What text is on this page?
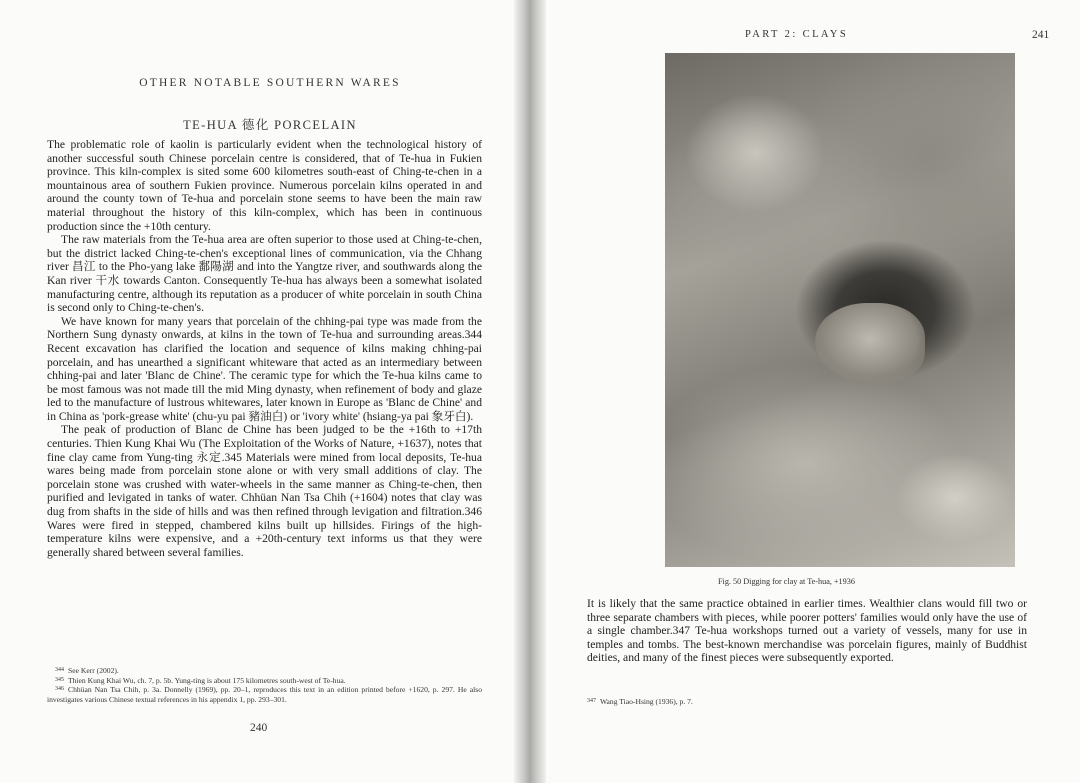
OTHER NOTABLE SOUTHERN WARES
TE-HUA 德化 PORCELAIN

The problematic role of kaolin is particularly evident when the technological history of another successful south Chinese porcelain centre is considered, that of Te-hua in Fukien province. This kiln-complex is sited some 600 kilometres south-east of Ching-te-chen in a mountainous area of southern Fukien province. Numerous porcelain kilns operated in and around the county town of Te-hua and porcelain stone seems to have been the main raw material throughout the history of this kiln-complex, which has been in continuous production since the +10th century.

The raw materials from the Te-hua area are often superior to those used at Ching-te-chen, but the district lacked Ching-te-chen's exceptional lines of communication, via the Chhang river 昌江 to the Pho-yang lake 鄱陽湖 and into the Yangtze river, and southwards along the Kan river 干水 towards Canton. Consequently Te-hua has always been a somewhat isolated manufacturing centre, although its reputation as a producer of white porcelain in south China is second only to Ching-te-chen's.

We have known for many years that porcelain of the chhing-pai type was made from the Northern Sung dynasty onwards, at kilns in the town of Te-hua and surrounding areas.344 Recent excavation has clarified the location and sequence of kilns making chhing-pai porcelain, and has unearthed a significant whiteware that acted as an intermediary between chhing-pai and later 'Blanc de Chine'. The ceramic type for which the Te-hua kilns came to be most famous was not made till the mid Ming dynasty, when refinement of body and glaze led to the manufacture of lustrous whitewares, later known in Europe as 'Blanc de Chine' and in China as 'pork-grease white' (chu-yu pai 豬油白) or 'ivory white' (hsiang-ya pai 象牙白).

The peak of production of Blanc de Chine has been judged to be the +16th to +17th centuries. Thien Kung Khai Wu (The Exploitation of the Works of Nature, +1637), notes that fine clay came from Yung-ting 永定.345 Materials were mined from local deposits, Te-hua wares being made from porcelain stone alone or with very small additions of clay. The porcelain stone was crushed with water-wheels in the same manner as Ching-te-chen, then purified and levigated in tanks of water. Chhüan Nan Tsa Chih (+1604) notes that clay was dug from shafts in the side of hills and was then refined through levigation and filtration.346 Wares were fired in stepped, chambered kilns built up hillsides. Firings of the high-temperature kilns were expensive, and a +20th-century text informs us that they were generally shared between several families.

$^{344}$ See Kerr (2002).

$^{345}$ Thien Kung Khai Wu, ch. 7, p. 5b. Yung-ting is about 175 kilometres south-west of Te-hua.

$^{346}$ Chhüan Nan Tsa Chih, p. 3a. Donnelly (1969), pp. 20–1, reproduces this text in an edition printed before +1620, p. 297. He also investigates various Chinese textual references in his appendix 1, pp. 293–301.

240
PART 2: CLAYS	241
Fig. 50 Digging for clay at Te-hua, +1936

It is likely that the same practice obtained in earlier times. Wealthier clans would fill two or three separate chambers with pieces, while poorer potters' families would only have the use of a single chamber.347 Te-hua workshops turned out a variety of vessels, many for use in temples and tombs. The best-known merchandise was porcelain figures, mainly of Buddhist deities, and many of the finest pieces were subsequently exported.

$^{347}$ Wang Tiao-Hsing (1936), p. 7.
